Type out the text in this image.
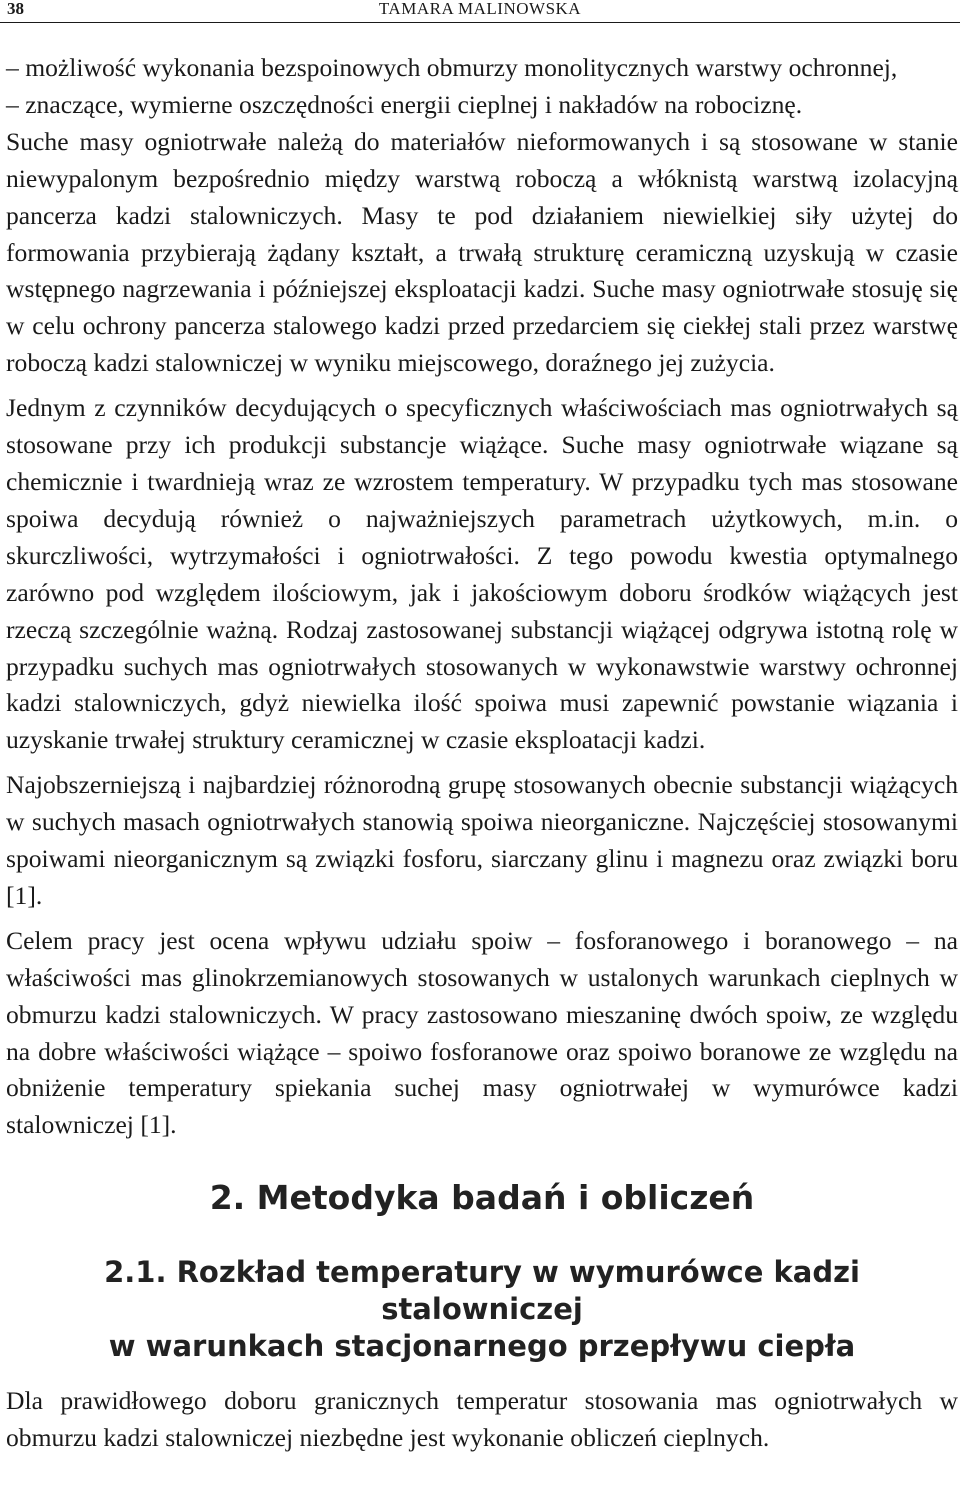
38	TAMARA MALINOWSKA

– możliwość wykonania bezspoinowych obmurzy monolitycznych warstwy ochronnej,

– znaczące, wymierne oszczędności energii cieplnej i nakładów na robociznę.

Suche masy ogniotrwałe należą do materiałów nieformowanych i są stosowane w stanie niewypalonym bezpośrednio między warstwą roboczą a włóknistą warstwą izolacyjną pancerza kadzi stalowniczych. Masy te pod działaniem niewielkiej siły użytej do formowania przybierają żądany kształt, a trwałą strukturę ceramiczną uzyskują w czasie wstępnego nagrzewania i późniejszej eksploatacji kadzi. Suche masy ogniotrwałe stosuję się w celu ochrony pancerza stalowego kadzi przed przedarciem się ciekłej stali przez warstwę roboczą kadzi stalowniczej w wyniku miejscowego, doraźnego jej zużycia.

Jednym z czynników decydujących o specyficznych właściwościach mas ogniotrwałych są stosowane przy ich produkcji substancje wiążące. Suche masy ogniotrwałe wiązane są chemicznie i twardnieją wraz ze wzrostem temperatury. W przypadku tych mas stosowane spoiwa decydują również o najważniejszych parametrach użytkowych, m.in. o skurczliwości, wytrzymałości i ogniotrwałości. Z tego powodu kwestia optymalnego zarówno pod względem ilościowym, jak i jakościowym doboru środków wiążących jest rzeczą szczególnie ważną. Rodzaj zastosowanej substancji wiążącej odgrywa istotną rolę w przypadku suchych mas ogniotrwałych stosowanych w wykonawstwie warstwy ochronnej kadzi stalowniczych, gdyż niewielka ilość spoiwa musi zapewnić powstanie wiązania i uzyskanie trwałej struktury ceramicznej w czasie eksploatacji kadzi.

Najobszerniejszą i najbardziej różnorodną grupę stosowanych obecnie substancji wiążących w suchych masach ogniotrwałych stanowią spoiwa nieorganiczne. Najczęściej stosowanymi spoiwami nieorganicznym są związki fosforu, siarczany glinu i magnezu oraz związki boru [1].

Celem pracy jest ocena wpływu udziału spoiw – fosforanowego i boranowego – na właściwości mas glinokrzemianowych stosowanych w ustalonych warunkach cieplnych w obmurzu kadzi stalowniczych. W pracy zastosowano mieszaninę dwóch spoiw, ze względu na dobre właściwości wiążące – spoiwo fosforanowe oraz spoiwo boranowe ze względu na obniżenie temperatury spiekania suchej masy ogniotrwałej w wymurówce kadzi stalowniczej [1].

2. Metodyka badań i obliczeń
2.1. Rozkład temperatury w wymurówce kadzi stalowniczej
w warunkach stacjonarnego przepływu ciepła

Dla prawidłowego doboru granicznych temperatur stosowania mas ogniotrwałych w obmurzu kadzi stalowniczej niezbędne jest wykonanie obliczeń cieplnych.
